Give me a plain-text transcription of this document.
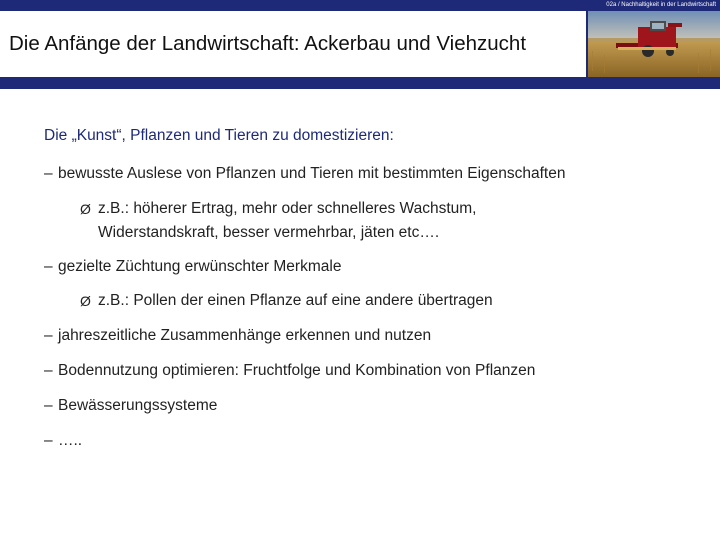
02a / Nachhaltigkeit in der Landwirtschaft
Die Anfänge der Landwirtschaft: Ackerbau und Viehzucht
Die „Kunst“, Pflanzen und Tieren zu domestizieren:
– bewusste Auslese von Pflanzen und Tieren mit bestimmten Eigenschaften
Ø z.B.: höherer Ertrag, mehr oder schnelleres Wachstum,
Widerstandskraft, besser vermehrbar, jäten etc….
– gezielte Züchtung erwünschter Merkmale
Ø z.B.: Pollen der einen Pflanze auf eine andere übertragen
– jahreszeitliche Zusammenhänge erkennen und nutzen
– Bodennutzung optimieren: Fruchtfolge und Kombination von Pflanzen
– Bewässerungssysteme
– …..
